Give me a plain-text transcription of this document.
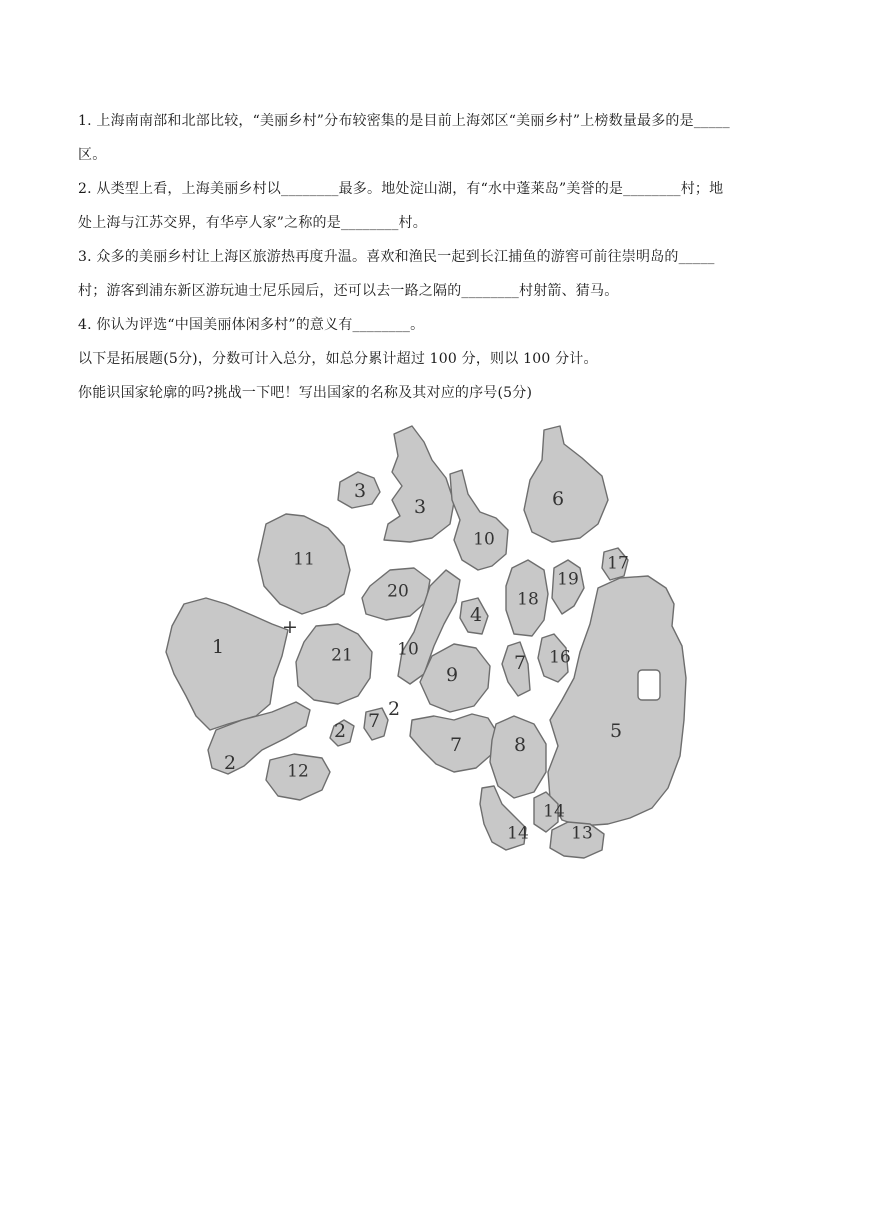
1. 上海南南部和北部比较，“美丽乡村”分布较密集的是目前上海郊区“美丽乡村”上榜数量最多的是_____
区。
2. 从类型上看，上海美丽乡村以________最多。地处淀山湖，有“水中蓬莱岛”美誉的是________村；地
处上海与江苏交界，有华亭人家”之称的是________村。
3. 众多的美丽乡村让上海区旅游热再度升温。喜欢和渔民一起到长江捕鱼的游窖可前往崇明岛的_____
村；游客到浦东新区游玩迪士尼乐园后，还可以去一路之隔的________村射箭、猜马。
4. 你认为评选“中国美丽体闲多村”的意义有________。
以下是拓展题(5分)，分数可计入总分，如总分累计超过 100 分，则以 100 分计。
你能识国家轮廓的吗?挑战一下吧！写出国家的名称及其对应的序号(5分)
3
3	6
11
10
17
19
20	18
1
+
4
21	10	16
7
9
5
2
7
2 7
8
2
12
14
14
13
